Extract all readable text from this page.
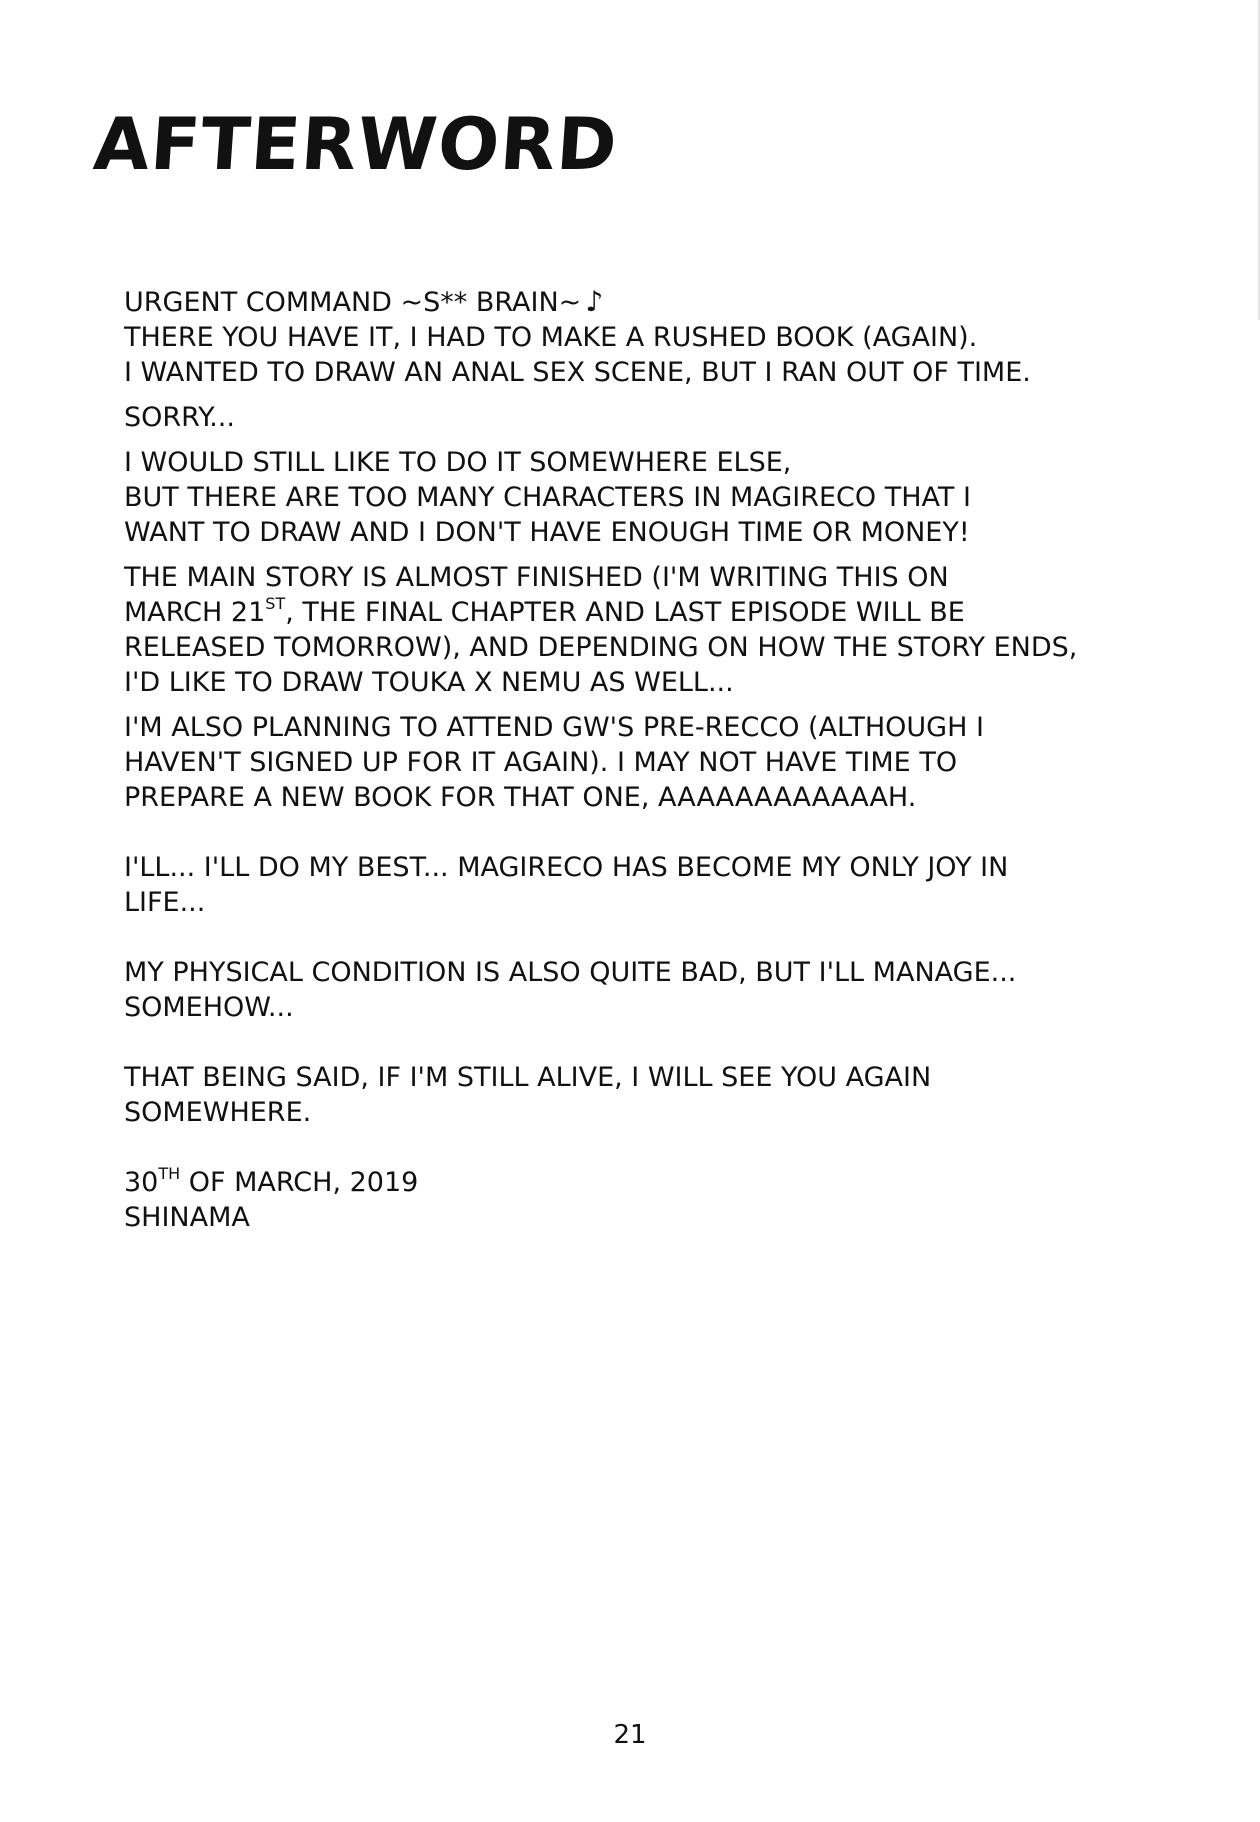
AFTERWORD
URGENT COMMAND ~S** BRAIN~ ♪
THERE YOU HAVE IT, I HAD TO MAKE A RUSHED BOOK (AGAIN).
I WANTED TO DRAW AN ANAL SEX SCENE, BUT I RAN OUT OF TIME.
SORRY...
I WOULD STILL LIKE TO DO IT SOMEWHERE ELSE,
BUT THERE ARE TOO MANY CHARACTERS IN MAGIRECO THAT I
WANT TO DRAW AND I DON'T HAVE ENOUGH TIME OR MONEY!
THE MAIN STORY IS ALMOST FINISHED (I'M WRITING THIS ON
MARCH 21ST, THE FINAL CHAPTER AND LAST EPISODE WILL BE
RELEASED TOMORROW), AND DEPENDING ON HOW THE STORY ENDS,
I'D LIKE TO DRAW TOUKA X NEMU AS WELL...
I'M ALSO PLANNING TO ATTEND GW'S PRE-RECCO (ALTHOUGH I
HAVEN'T SIGNED UP FOR IT AGAIN). I MAY NOT HAVE TIME TO
PREPARE A NEW BOOK FOR THAT ONE, AAAAAAAAAAAAH.
I'LL... I'LL DO MY BEST... MAGIRECO HAS BECOME MY ONLY JOY IN
LIFE...
MY PHYSICAL CONDITION IS ALSO QUITE BAD, BUT I'LL MANAGE...
SOMEHOW...
THAT BEING SAID, IF I'M STILL ALIVE, I WILL SEE YOU AGAIN
SOMEWHERE.
30TH OF MARCH, 2019
SHINAMA
21
